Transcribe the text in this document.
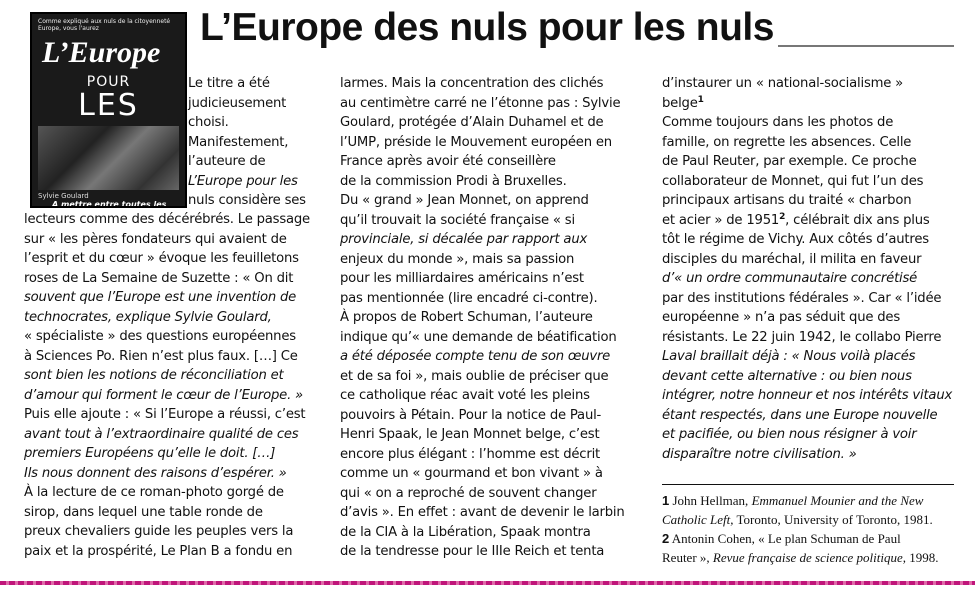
L’Europe des nuls pour les nuls
Comme expliqué aux nuls de la citoyenneté
Europe, vous l'aurez
L’Europe
POUR
LES
Sylvie Goulard
A mettre entre toutes les

Le titre a été

judicieusement

choisi.

Manifestement,

l’auteure de

L’Europe pour les

nuls considère ses

lecteurs comme des décérébrés. Le passage

sur « les pères fondateurs qui avaient de

l’esprit et du cœur » évoque les feuilletons

roses de La Semaine de Suzette : « On dit

souvent que l’Europe est une invention de

technocrates, explique Sylvie Goulard,

« spécialiste » des questions européennes

à Sciences Po. Rien n’est plus faux. […] Ce

sont bien les notions de réconciliation et

d’amour qui forment le cœur de l’Europe. »

Puis elle ajoute : « Si l’Europe a réussi, c’est

avant tout à l’extraordinaire qualité de ces

premiers Européens qu’elle le doit. […]

Ils nous donnent des raisons d’espérer. »

À la lecture de ce roman-photo gorgé de

sirop, dans lequel une table ronde de

preux chevaliers guide les peuples vers la

paix et la prospérité, Le Plan B a fondu en

larmes. Mais la concentration des clichés

au centimètre carré ne l’étonne pas : Sylvie

Goulard, protégée d’Alain Duhamel et de

l’UMP, préside le Mouvement européen en

France après avoir été conseillère

de la commission Prodi à Bruxelles.

Du « grand » Jean Monnet, on apprend

qu’il trouvait la société française « si

provinciale, si décalée par rapport aux

enjeux du monde », mais sa passion

pour les milliardaires américains n’est

pas mentionnée (lire encadré ci-contre).

À propos de Robert Schuman, l’auteure

indique qu’« une demande de béatification

a été déposée compte tenu de son œuvre

et de sa foi », mais oublie de préciser que

ce catholique réac avait voté les pleins

pouvoirs à Pétain. Pour la notice de Paul-

Henri Spaak, le Jean Monnet belge, c’est

encore plus élégant : l’homme est décrit

comme un « gourmand et bon vivant » à

qui « on a reproché de souvent changer

d’avis ». En effet : avant de devenir le larbin

de la CIA à la Libération, Spaak montra

de la tendresse pour le IIIe Reich et tenta

d’instaurer un « national-socialisme »

belge$^1$

Comme toujours dans les photos de

famille, on regrette les absences. Celle

de Paul Reuter, par exemple. Ce proche

collaborateur de Monnet, qui fut l’un des

principaux artisans du traité « charbon

et acier » de 1951$^2$, célébrait dix ans plus

tôt le régime de Vichy. Aux côtés d’autres

disciples du maréchal, il milita en faveur

d’« un ordre communautaire concrétisé

par des institutions fédérales ». Car « l’idée

européenne » n’a pas séduit que des

résistants. Le 22 juin 1942, le collabo Pierre

Laval braillait déjà : « Nous voilà placés

devant cette alternative : ou bien nous

intégrer, notre honneur et nos intérêts vitaux

étant respectés, dans une Europe nouvelle

et pacifiée, ou bien nous résigner à voir

disparaître notre civilisation. »

1 John Hellman, Emmanuel Mounier and the New
Catholic Left, Toronto, University of Toronto, 1981.
2 Antonin Cohen, « Le plan Schuman de Paul
Reuter », Revue française de science politique, 1998.
